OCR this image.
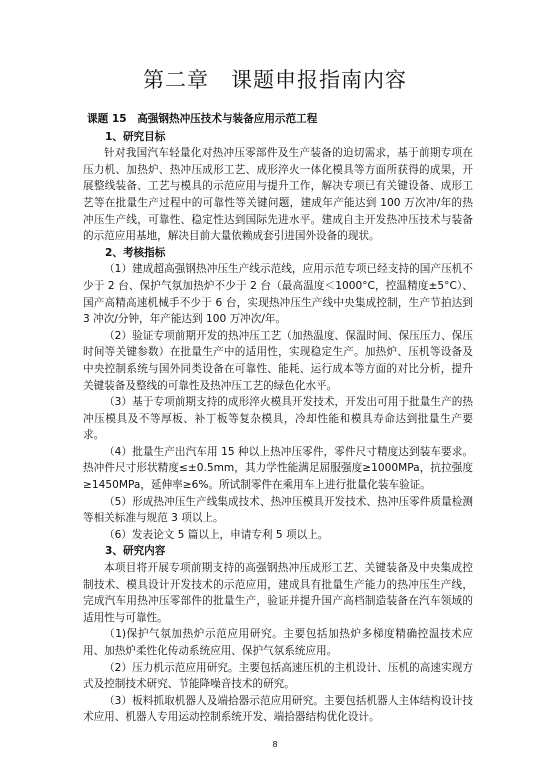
第二章　课题申报指南内容
课题 15　高强钢热冲压技术与装备应用示范工程
1、研究目标

针对我国汽车轻量化对热冲压零部件及生产装备的迫切需求，基于前期专项在压力机、加热炉、热冲压成形工艺、成形淬火一体化模具等方面所获得的成果，开展整线装备、工艺与模具的示范应用与提升工作，解决专项已有关键设备、成形工艺等在批量生产过程中的可靠性等关键问题，建成年产能达到 100 万次冲/年的热冲压生产线，可靠性、稳定性达到国际先进水平。建成自主开发热冲压技术与装备的示范应用基地，解决目前大量依赖成套引进国外设备的现状。

2、考核指标

（1）建成超高强钢热冲压生产线示范线，应用示范专项已经支持的国产压机不少于 2 台、保护气氛加热炉不少于 2 台（最高温度＜1000°C，控温精度±5°C）、国产高精高速机械手不少于 6 台，实现热冲压生产线中央集成控制，生产节拍达到 3 冲次/分钟，年产能达到 100 万冲次/年。

（2）验证专项前期开发的热冲压工艺（加热温度、保温时间、保压压力、保压时间等关键参数）在批量生产中的适用性，实现稳定生产。加热炉、压机等设备及中央控制系统与国外同类设备在可靠性、能耗、运行成本等方面的对比分析，提升关键装备及整线的可靠性及热冲压工艺的绿色化水平。

（3）基于专项前期支持的成形淬火模具开发技术，开发出可用于批量生产的热冲压模具及不等厚板、补丁板等复杂模具，冷却性能和模具寿命达到批量生产要求。

（4）批量生产出汽车用 15 种以上热冲压零件，零件尺寸精度达到装车要求。热冲件尺寸形状精度≤±0.5mm，其力学性能满足屈服强度≥1000MPa，抗拉强度≥1450MPa，延伸率≥6%。所试制零件在乘用车上进行批量化装车验证。

（5）形成热冲压生产线集成技术、热冲压模具开发技术、热冲压零件质量检测等相关标准与规范 3 项以上。

（6）发表论文 5 篇以上，申请专利 5 项以上。

3、研究内容

本项目将开展专项前期支持的高强钢热冲压成形工艺、关键装备及中央集成控制技术、模具设计开发技术的示范应用，建成具有批量生产能力的热冲压生产线，完成汽车用热冲压零部件的批量生产，验证并提升国产高档制造装备在汽车领域的适用性与可靠性。

（1)保护气氛加热炉示范应用研究。主要包括加热炉多梯度精确控温技术应用、加热炉柔性化传动系统应用、保护气氛系统应用。

（2）压力机示范应用研究。主要包括高速压机的主机设计、压机的高速实现方式及控制技术研究、节能降噪音技术的研究。

（3）板料抓取机器人及端拾器示范应用研究。主要包括机器人主体结构设计技术应用、机器人专用运动控制系统开发、端拾器结构优化设计。

8
